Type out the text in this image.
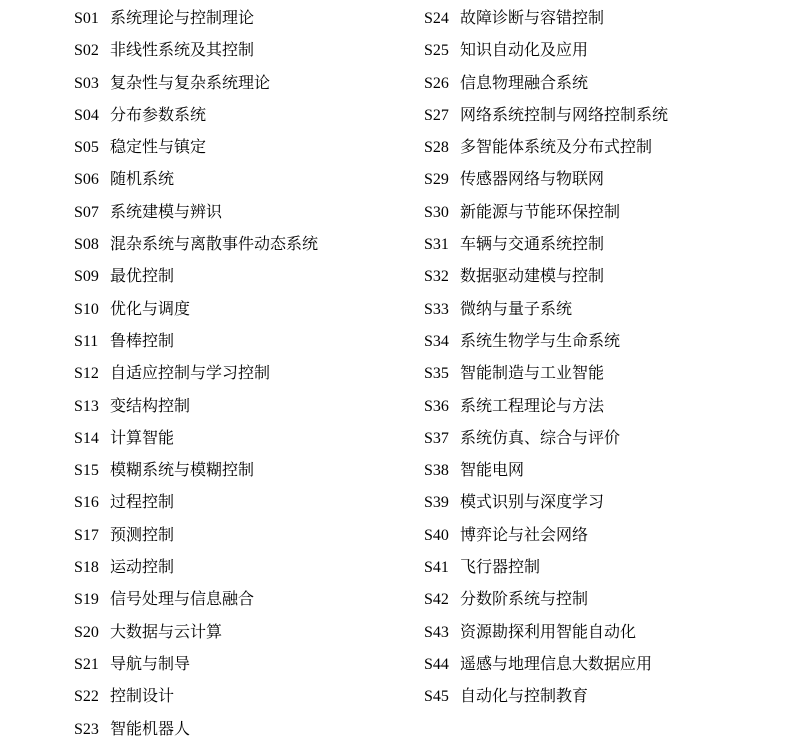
S01 系统理论与控制理论
S02 非线性系统及其控制
S03 复杂性与复杂系统理论
S04 分布参数系统
S05 稳定性与镇定
S06 随机系统
S07 系统建模与辨识
S08 混杂系统与离散事件动态系统
S09 最优控制
S10 优化与调度
S11 鲁棒控制
S12 自适应控制与学习控制
S13 变结构控制
S14 计算智能
S15 模糊系统与模糊控制
S16 过程控制
S17 预测控制
S18 运动控制
S19 信号处理与信息融合
S20 大数据与云计算
S21 导航与制导
S22 控制设计
S23 智能机器人
S24 故障诊断与容错控制
S25 知识自动化及应用
S26 信息物理融合系统
S27 网络系统控制与网络控制系统
S28 多智能体系统及分布式控制
S29 传感器网络与物联网
S30 新能源与节能环保控制
S31 车辆与交通系统控制
S32 数据驱动建模与控制
S33 微纳与量子系统
S34 系统生物学与生命系统
S35 智能制造与工业智能
S36 系统工程理论与方法
S37 系统仿真、综合与评价
S38 智能电网
S39 模式识别与深度学习
S40 博弈论与社会网络
S41 飞行器控制
S42 分数阶系统与控制
S43 资源勘探利用智能自动化
S44 遥感与地理信息大数据应用
S45 自动化与控制教育
